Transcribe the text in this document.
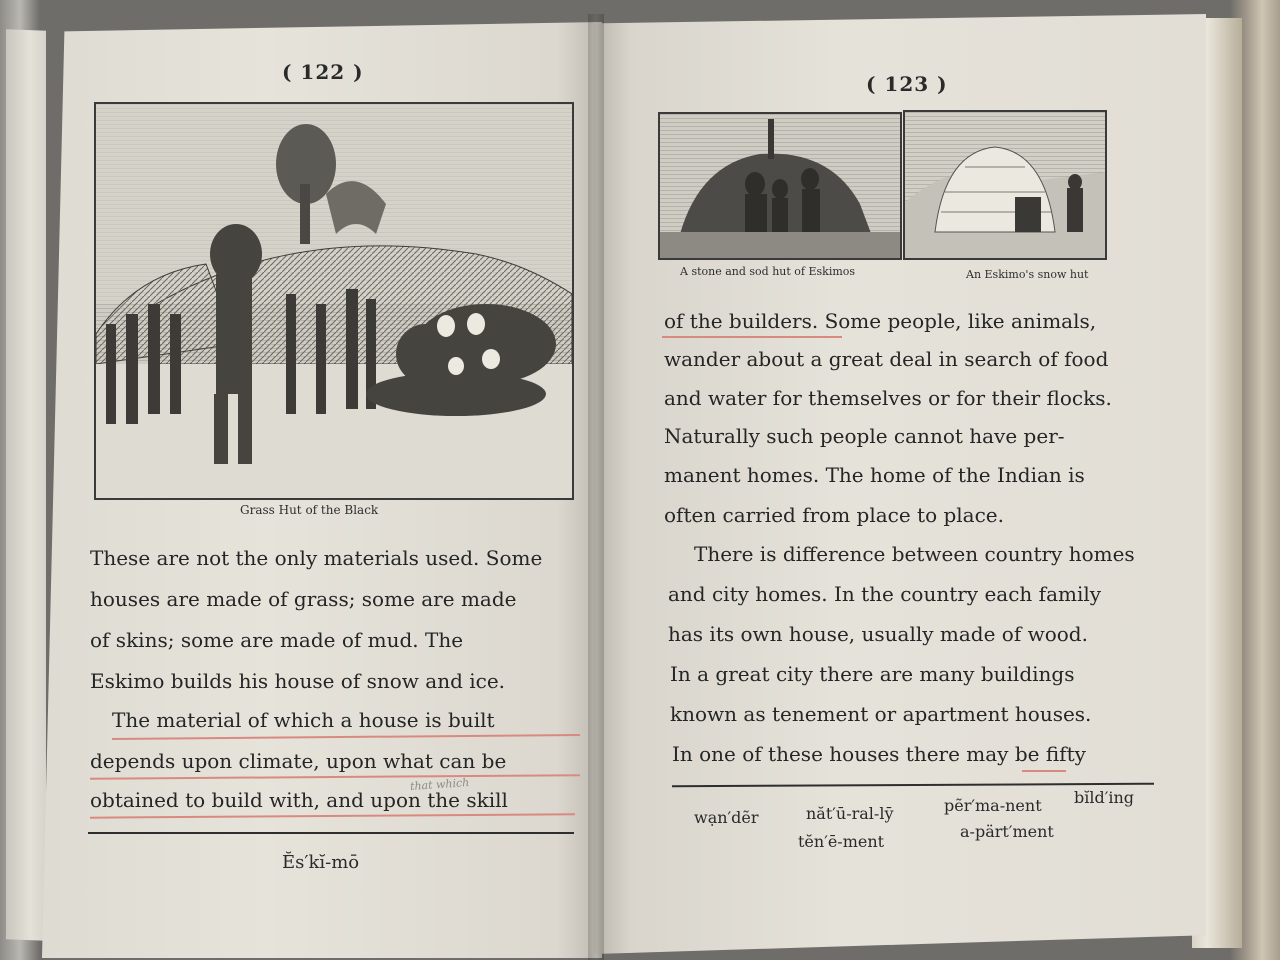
( 122 )
Grass Hut of the Black
These are not the only materials used. Some
houses are made of grass; some are made
of skins; some are made of mud. The
Eskimo builds his house of snow and ice.
The material of which a house is built
depends upon climate, upon what can be
obtained to build with, and upon the skill
that which
Ĕs′kĭ-mō
( 123 )
A stone and sod hut of Eskimos	An Eskimo's snow hut
of the builders. Some people, like animals,
wander about a great deal in search of food
and water for themselves or for their flocks.
Naturally such people cannot have per-
manent homes. The home of the Indian is
often carried from place to place.
There is difference between country homes
and city homes. In the country each family
has its own house, usually made of wood.
In a great city there are many buildings
known as tenement or apartment houses.
In one of these houses there may be fifty
wạn′dẽr	năt′ū-ral-lȳ	pẽr′ma-nent bĭld′ing
tĕn′ē-ment
a-pärt′ment
